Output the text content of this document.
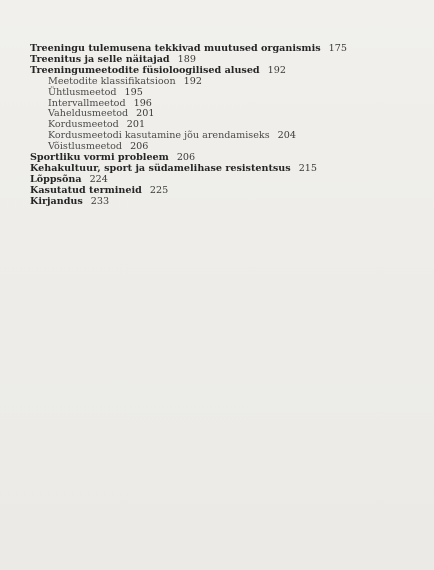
Treeningu tulemusena tekkivad muutused organismis 175
Treenitus ja selle näitajad 189
Treeningumeetodite füsioloogilised alused 192
Meetodite klassifikatsioon 192
Ühtlusmeetod 195
Intervallmeetod 196
Vaheldusmeetod 201
Kordusmeetod 201
Kordusmeetodi kasutamine jõu arendamiseks 204
Võistlusmeetod 206
Sportliku vormi probleem 206
Kehakultuur, sport ja südamelihase resistentsus 215
Lõppsõna 224
Kasutatud termineid 225
Kirjandus 233
